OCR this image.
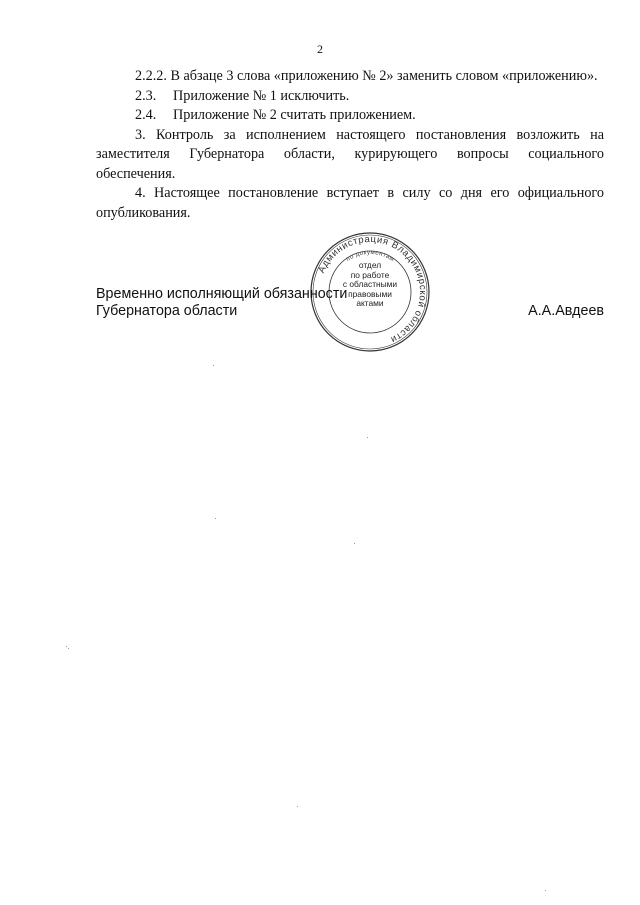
2

2.2.2. В абзаце 3 слова «приложению № 2» заменить словом «приложению».

2.3.	Приложение № 1 исключить.
2.4.	Приложение № 2 считать приложением.

3. Контроль за исполнением настоящего постановления возложить на заместителя Губернатора области, курирующего вопросы социального обеспечения.

4. Настоящее постановление вступает в силу со дня его официального опубликования.

Администрация Владимирской области
по документам
отдел
по работе
с областными
правовыми
актами
Временно исполняющий обязанности
Губернатора области	А.А.Авдеев
